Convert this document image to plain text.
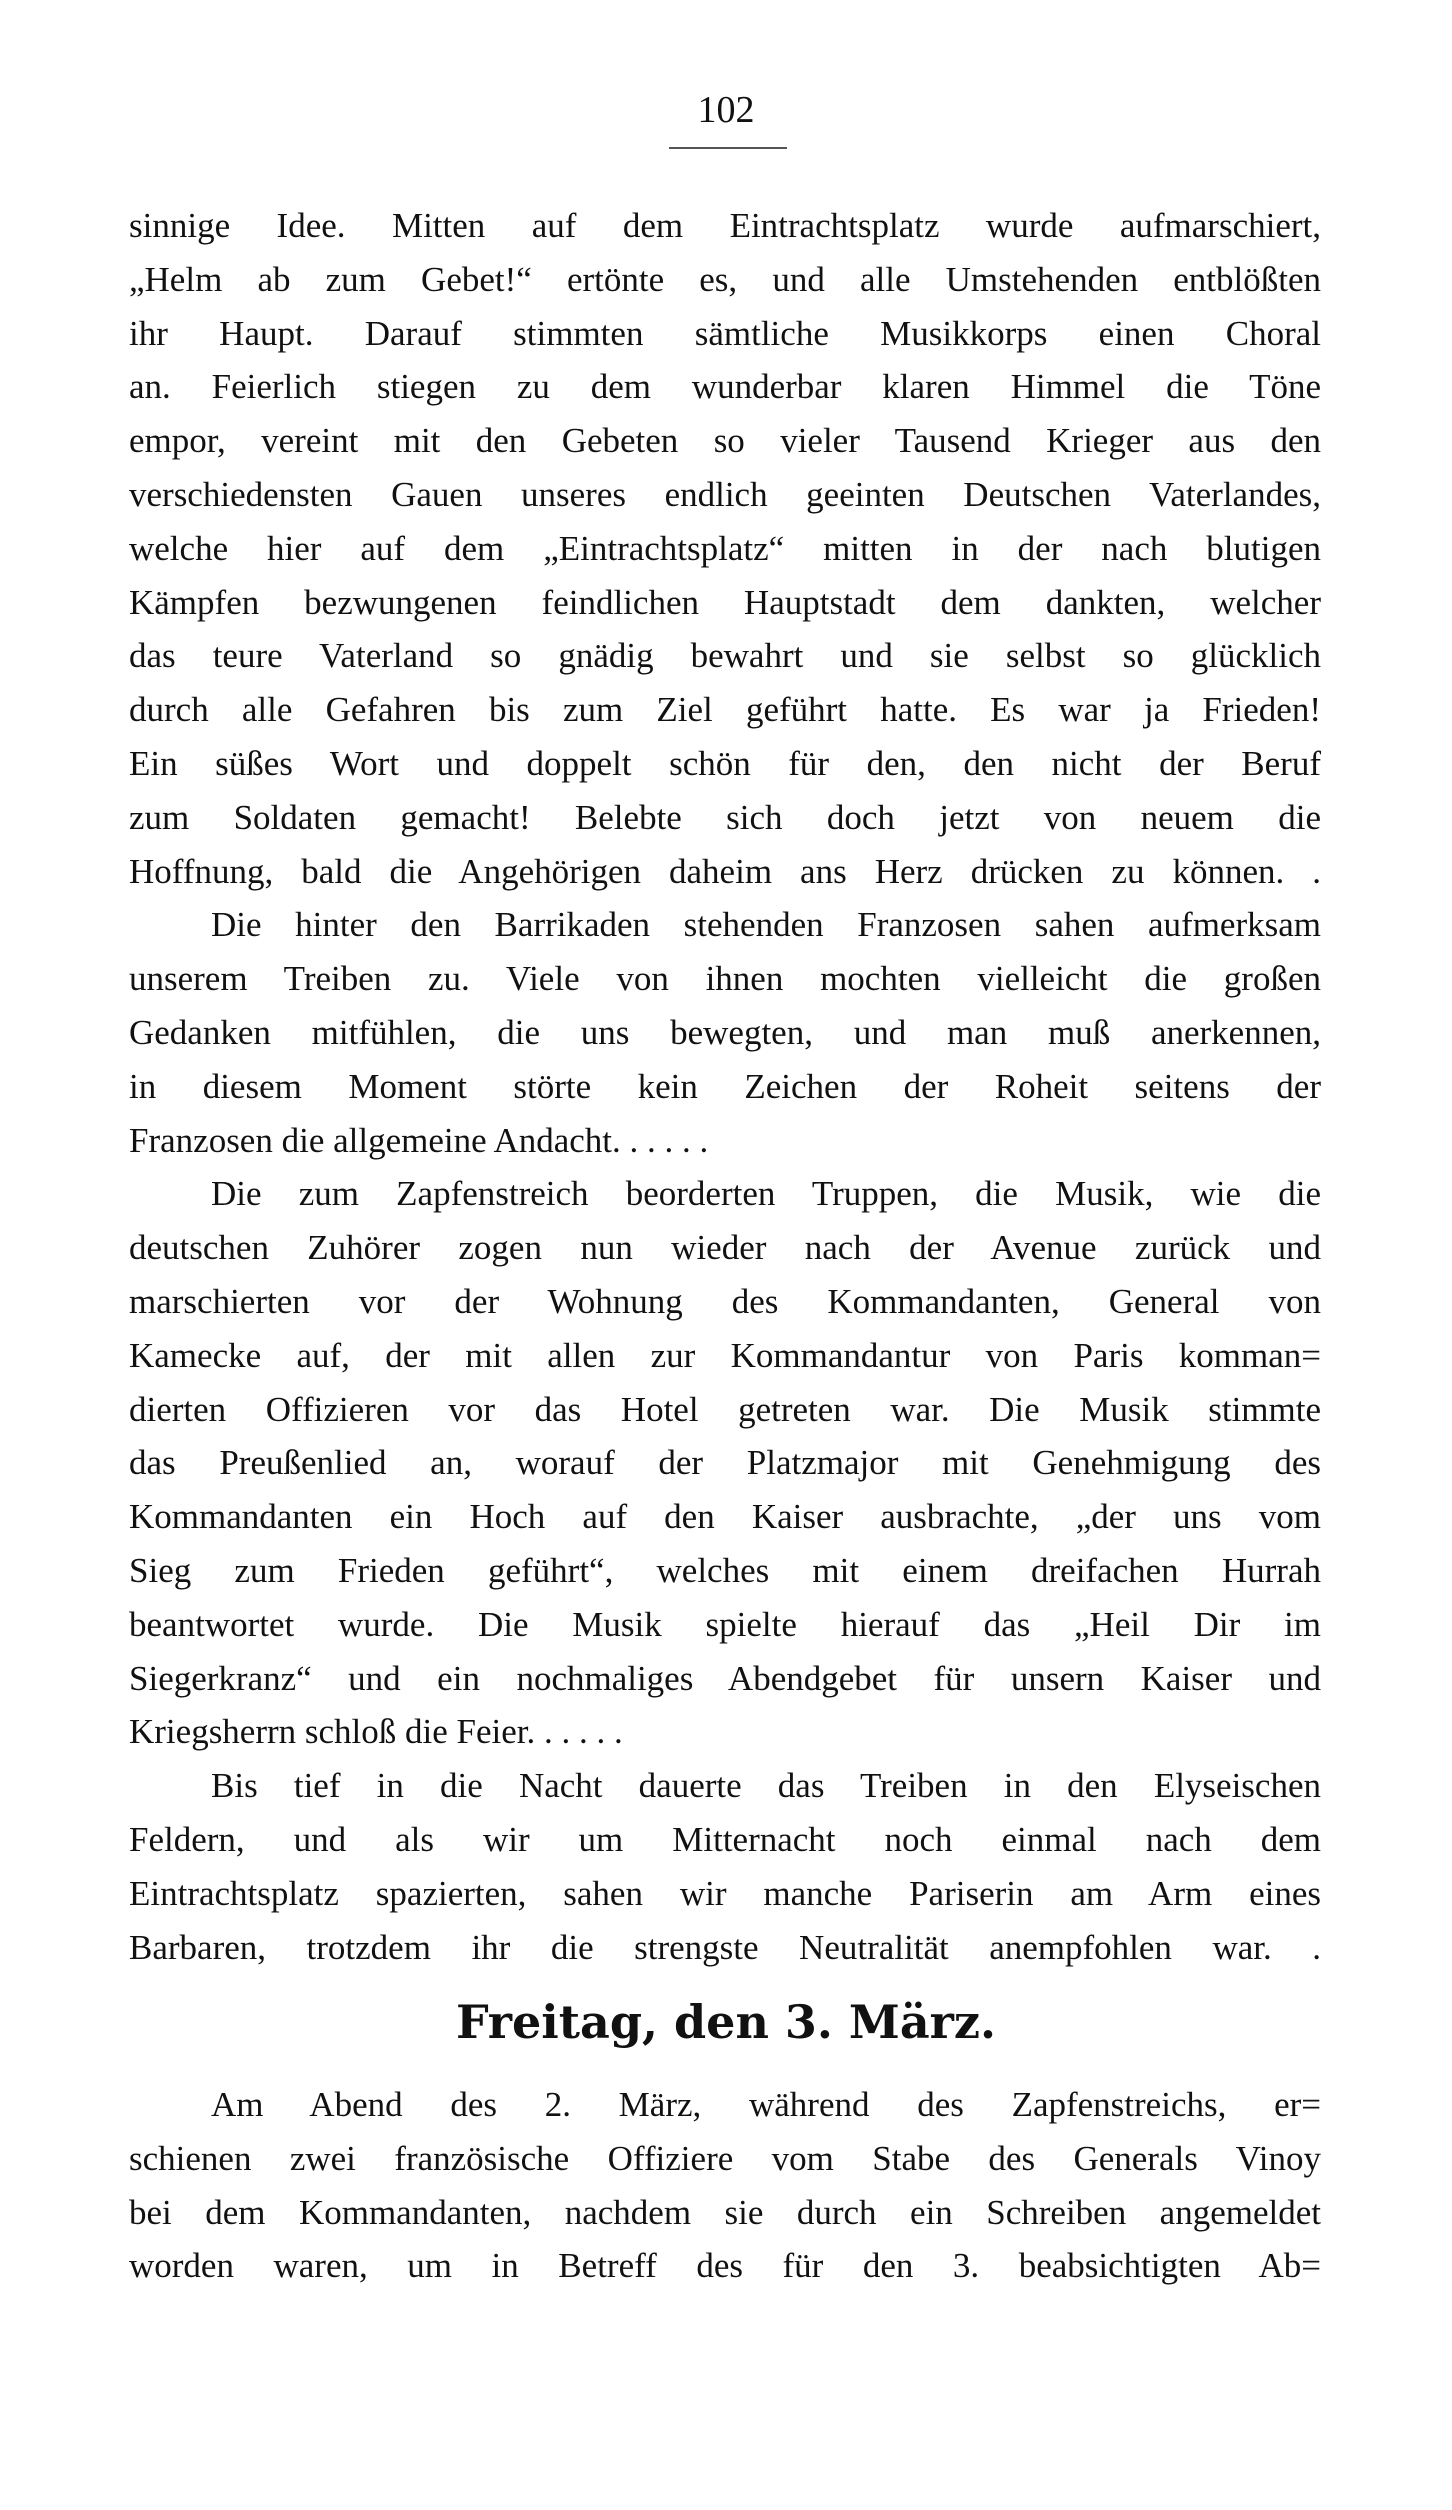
102
sinnige Idee. Mitten auf dem Eintrachtsplatz wurde aufmarschiert,
„Helm ab zum Gebet!“ ertönte es, und alle Umstehenden entblößten
ihr Haupt. Darauf stimmten sämtliche Musikkorps einen Choral
an. Feierlich stiegen zu dem wunderbar klaren Himmel die Töne
empor, vereint mit den Gebeten so vieler Tausend Krieger aus den
verschiedensten Gauen unseres endlich geeinten Deutschen Vaterlandes,
welche hier auf dem „Eintrachtsplatz“ mitten in der nach blutigen
Kämpfen bezwungenen feindlichen Hauptstadt dem dankten, welcher
das teure Vaterland so gnädig bewahrt und sie selbst so glücklich
durch alle Gefahren bis zum Ziel geführt hatte. Es war ja Frieden!
Ein süßes Wort und doppelt schön für den, den nicht der Beruf
zum Soldaten gemacht! Belebte sich doch jetzt von neuem die
Hoffnung, bald die Angehörigen daheim ans Herz drücken zu können. .
Die hinter den Barrikaden stehenden Franzosen sahen aufmerksam
unserem Treiben zu. Viele von ihnen mochten vielleicht die großen
Gedanken mitfühlen, die uns bewegten, und man muß anerkennen,
in diesem Moment störte kein Zeichen der Roheit seitens der
Franzosen die allgemeine Andacht. . . . . .
Die zum Zapfenstreich beorderten Truppen, die Musik, wie die
deutschen Zuhörer zogen nun wieder nach der Avenue zurück und
marschierten vor der Wohnung des Kommandanten, General von
Kamecke auf, der mit allen zur Kommandantur von Paris komman=
dierten Offizieren vor das Hotel getreten war. Die Musik stimmte
das Preußenlied an, worauf der Platzmajor mit Genehmigung des
Kommandanten ein Hoch auf den Kaiser ausbrachte, „der uns vom
Sieg zum Frieden geführt“, welches mit einem dreifachen Hurrah
beantwortet wurde. Die Musik spielte hierauf das „Heil Dir im
Siegerkranz“ und ein nochmaliges Abendgebet für unsern Kaiser und
Kriegsherrn schloß die Feier. . . . . .
Bis tief in die Nacht dauerte das Treiben in den Elyseischen
Feldern, und als wir um Mitternacht noch einmal nach dem
Eintrachtsplatz spazierten, sahen wir manche Pariserin am Arm eines
Barbaren, trotzdem ihr die strengste Neutralität anempfohlen war. .
Freitag, den 3. März.
Am Abend des 2. März, während des Zapfenstreichs, er=
schienen zwei französische Offiziere vom Stabe des Generals Vinoy
bei dem Kommandanten, nachdem sie durch ein Schreiben angemeldet
worden waren, um in Betreff des für den 3. beabsichtigten Ab=
